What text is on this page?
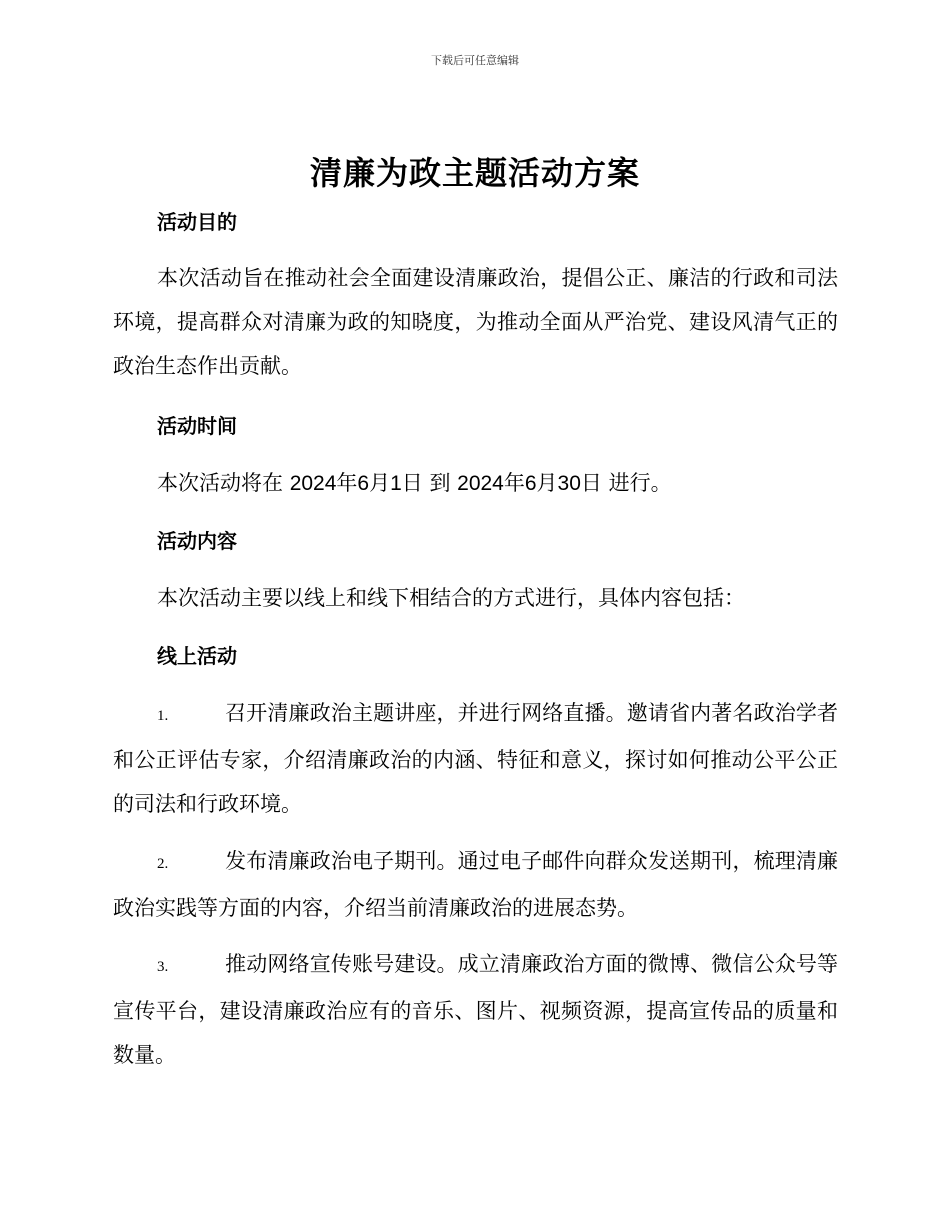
下载后可任意编辑
清廉为政主题活动方案
活动目的

本次活动旨在推动社会全面建设清廉政治，提倡公正、廉洁的行政和司法环境，提高群众对清廉为政的知晓度，为推动全面从严治党、建设风清气正的政治生态作出贡献。

活动时间

本次活动将在 2024年6月1日 到 2024年6月30日 进行。

活动内容

本次活动主要以线上和线下相结合的方式进行，具体内容包括：

线上活动

1.	召开清廉政治主题讲座，并进行网络直播。邀请省内著名政治学者和公正评估专家，介绍清廉政治的内涵、特征和意义，探讨如何推动公平公正的司法和行政环境。

2.	发布清廉政治电子期刊。通过电子邮件向群众发送期刊，梳理清廉政治实践等方面的内容，介绍当前清廉政治的进展态势。

3.	推动网络宣传账号建设。成立清廉政治方面的微博、微信公众号等宣传平台，建设清廉政治应有的音乐、图片、视频资源，提高宣传品的质量和数量。
